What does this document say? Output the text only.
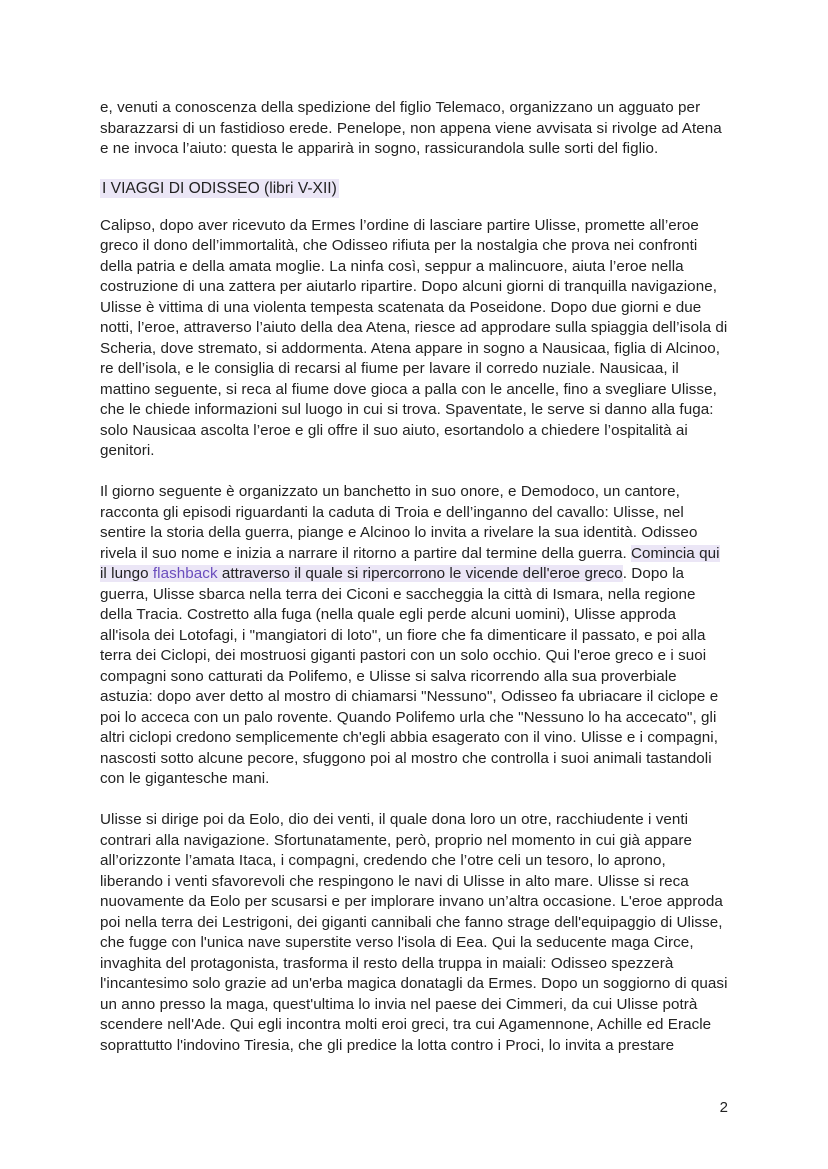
e, venuti a conoscenza della spedizione del figlio Telemaco, organizzano un agguato per
sbarazzarsi di un fastidioso erede. Penelope, non appena viene avvisata si rivolge ad Atena
e ne invoca l’aiuto: questa le apparirà in sogno, rassicurandola sulle sorti del figlio.
I VIAGGI DI ODISSEO (libri V-XII)
Calipso, dopo aver ricevuto da Ermes l’ordine di lasciare partire Ulisse, promette all’eroe
greco il dono dell’immortalità, che Odisseo rifiuta per la nostalgia che prova nei confronti
della patria e della amata moglie. La ninfa così, seppur a malincuore, aiuta l’eroe nella
costruzione di una zattera per aiutarlo ripartire. Dopo alcuni giorni di tranquilla navigazione,
Ulisse è vittima di una violenta tempesta scatenata da Poseidone. Dopo due giorni e due
notti, l’eroe, attraverso l’aiuto della dea Atena, riesce ad approdare sulla spiaggia dell’isola di
Scheria, dove stremato, si addormenta. Atena appare in sogno a Nausicaa, figlia di Alcinoo,
re dell’isola, e le consiglia di recarsi al fiume per lavare il corredo nuziale. Nausicaa, il
mattino seguente, si reca al fiume dove gioca a palla con le ancelle, fino a svegliare Ulisse,
che le chiede informazioni sul luogo in cui si trova. Spaventate, le serve si danno alla fuga:
solo Nausicaa ascolta l’eroe e gli offre il suo aiuto, esortandolo a chiedere l’ospitalità ai
genitori.
Il giorno seguente è organizzato un banchetto in suo onore, e Demodoco, un cantore,
racconta gli episodi riguardanti la caduta di Troia e dell’inganno del cavallo: Ulisse, nel
sentire la storia della guerra, piange e Alcinoo lo invita a rivelare la sua identità. Odisseo
rivela il suo nome e inizia a narrare il ritorno a partire dal termine della guerra. Comincia qui
il lungo flashback attraverso il quale si ripercorrono le vicende dell'eroe greco. Dopo la
guerra, Ulisse sbarca nella terra dei Ciconi e saccheggia la città di Ismara, nella regione
della Tracia. Costretto alla fuga (nella quale egli perde alcuni uomini), Ulisse approda
all'isola dei Lotofagi, i "mangiatori di loto", un fiore che fa dimenticare il passato, e poi alla
terra dei Ciclopi, dei mostruosi giganti pastori con un solo occhio. Qui l'eroe greco e i suoi
compagni sono catturati da Polifemo, e Ulisse si salva ricorrendo alla sua proverbiale
astuzia: dopo aver detto al mostro di chiamarsi "Nessuno", Odisseo fa ubriacare il ciclope e
poi lo acceca con un palo rovente. Quando Polifemo urla che "Nessuno lo ha accecato", gli
altri ciclopi credono semplicemente ch'egli abbia esagerato con il vino. Ulisse e i compagni,
nascosti sotto alcune pecore, sfuggono poi al mostro che controlla i suoi animali tastandoli
con le gigantesche mani.
Ulisse si dirige poi da Eolo, dio dei venti, il quale dona loro un otre, racchiudente i venti
contrari alla navigazione. Sfortunatamente, però, proprio nel momento in cui già appare
all’orizzonte l’amata Itaca, i compagni, credendo che l’otre celi un tesoro, lo aprono,
liberando i venti sfavorevoli che respingono le navi di Ulisse in alto mare. Ulisse si reca
nuovamente da Eolo per scusarsi e per implorare invano un’altra occasione. L'eroe approda
poi nella terra dei Lestrigoni, dei giganti cannibali che fanno strage dell'equipaggio di Ulisse,
che fugge con l'unica nave superstite verso l'isola di Eea. Qui la seducente maga Circe,
invaghita del protagonista, trasforma il resto della truppa in maiali: Odisseo spezzerà
l'incantesimo solo grazie ad un'erba magica donatagli da Ermes. Dopo un soggiorno di quasi
un anno presso la maga, quest'ultima lo invia nel paese dei Cimmeri, da cui Ulisse potrà
scendere nell'Ade. Qui egli incontra molti eroi greci, tra cui Agamennone, Achille ed Eracle
soprattutto l'indovino Tiresia, che gli predice la lotta contro i Proci, lo invita a prestare
2
